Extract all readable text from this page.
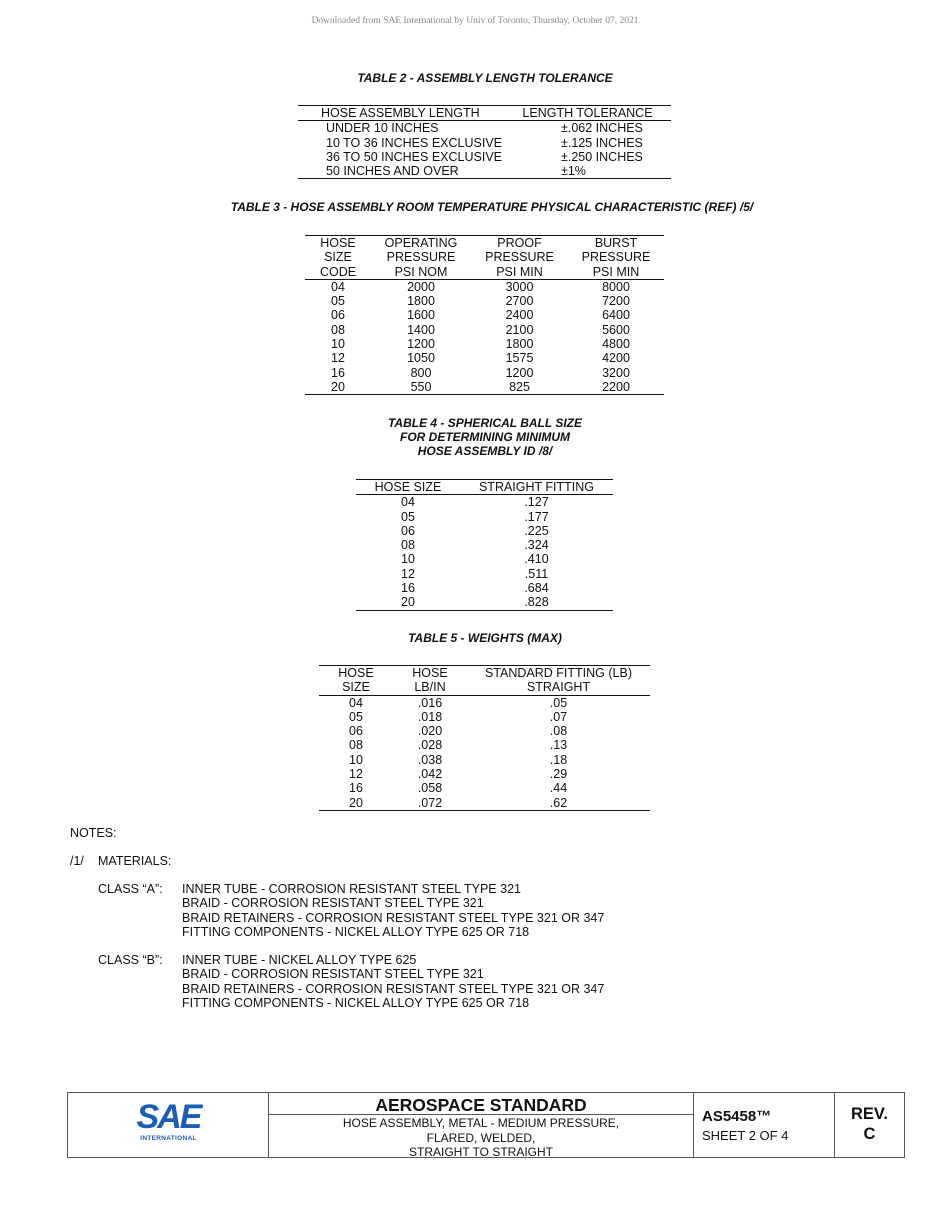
Downloaded from SAE International by Univ of Toronto, Thursday, October 07, 2021
TABLE 2 - ASSEMBLY LENGTH TOLERANCE
HOSE ASSEMBLY LENGTH	LENGTH TOLERANCE
UNDER 10 INCHES	±.062 INCHES
10 TO 36 INCHES EXCLUSIVE	±.125 INCHES
36 TO 50 INCHES EXCLUSIVE	±.250 INCHES
50 INCHES AND OVER	±1%
TABLE 3 - HOSE ASSEMBLY ROOM TEMPERATURE PHYSICAL CHARACTERISTIC (REF) /5/
HOSE	OPERATING	PROOF	BURST
SIZE	PRESSURE	PRESSURE	PRESSURE
CODE	PSI NOM	PSI MIN	PSI MIN
04	2000	3000	8000
05	1800	2700	7200
06	1600	2400	6400
08	1400	2100	5600
10	1200	1800	4800
12	1050	1575	4200
16	800	1200	3200
20	550	825	2200
TABLE 4 - SPHERICAL BALL SIZE
FOR DETERMINING MINIMUM
HOSE ASSEMBLY ID /8/
HOSE SIZE	STRAIGHT FITTING
04	.127
05	.177
06	.225
08	.324
10	.410
12	.511
16	.684
20	.828
TABLE 5 - WEIGHTS (MAX)
HOSE	HOSE	STANDARD FITTING (LB)
SIZE	LB/IN	STRAIGHT
04	.016	.05
05	.018	.07
06	.020	.08
08	.028	.13
10	.038	.18
12	.042	.29
16	.058	.44
20	.072	.62
NOTES:
/1/ MATERIALS:
CLASS “A”: INNER TUBE - CORROSION RESISTANT STEEL TYPE 321
BRAID - CORROSION RESISTANT STEEL TYPE 321
BRAID RETAINERS - CORROSION RESISTANT STEEL TYPE 321 OR 347
FITTING COMPONENTS - NICKEL ALLOY TYPE 625 OR 718
CLASS “B”: INNER TUBE - NICKEL ALLOY TYPE 625
BRAID - CORROSION RESISTANT STEEL TYPE 321
BRAID RETAINERS - CORROSION RESISTANT STEEL TYPE 321 OR 347
FITTING COMPONENTS - NICKEL ALLOY TYPE 625 OR 718
SAE
INTERNATIONAL
AEROSPACE STANDARD
HOSE ASSEMBLY, METAL - MEDIUM PRESSURE,
FLARED, WELDED,
STRAIGHT TO STRAIGHT
AS5458™
SHEET 2 OF 4
REV.
C
